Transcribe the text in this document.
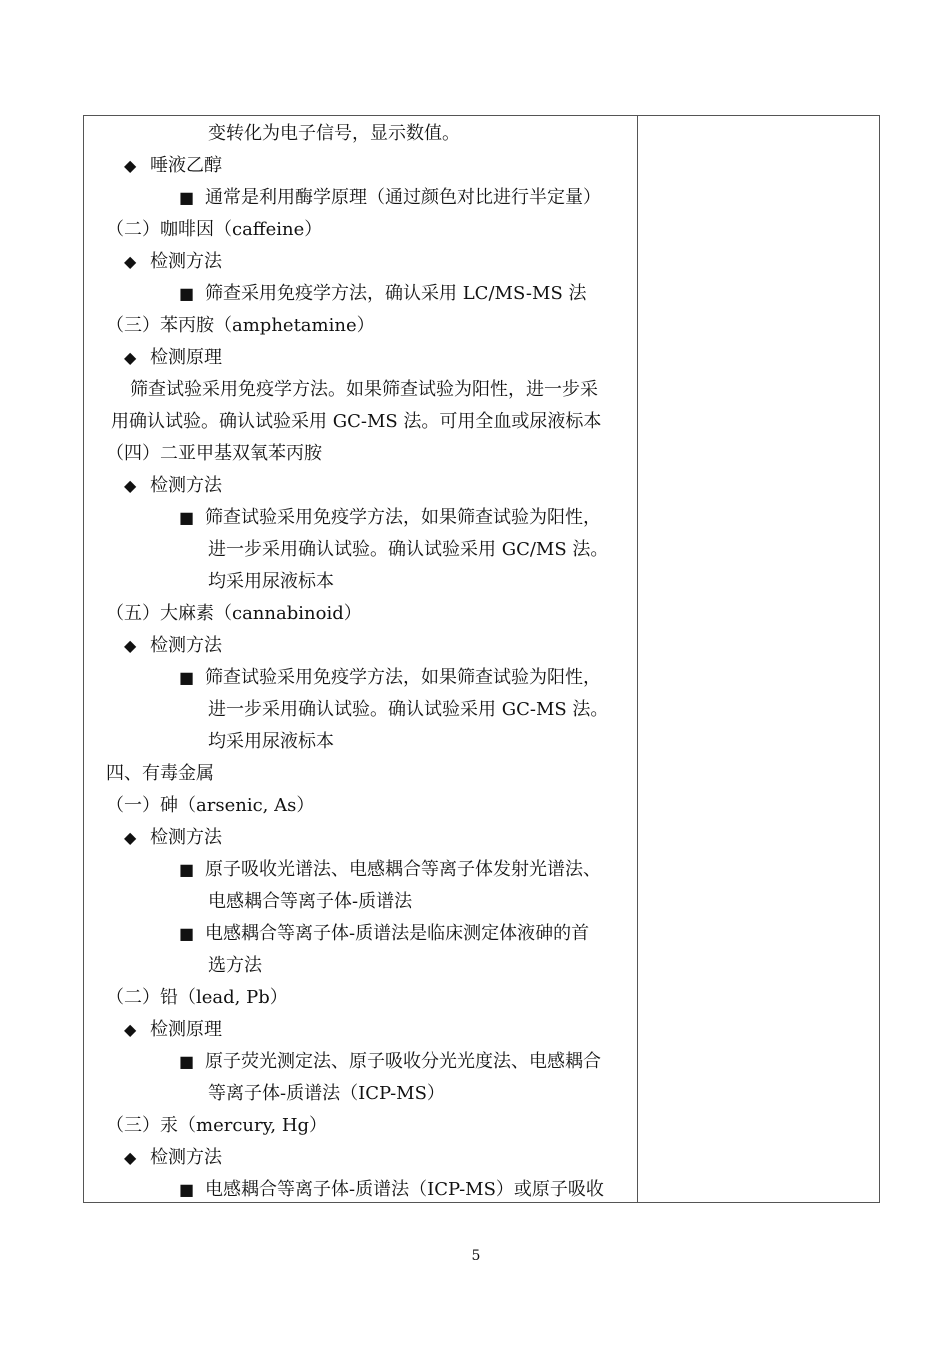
变转化为电子信号，显示数值。
◆ 唾液乙醇
■ 通常是利用酶学原理（通过颜色对比进行半定量）
（二）咖啡因（caffeine）
◆ 检测方法
■ 筛查采用免疫学方法，确认采用 LC/MS-MS 法
（三）苯丙胺（amphetamine）
◆ 检测原理
筛查试验采用免疫学方法。如果筛查试验为阳性，进一步采
用确认试验。确认试验采用 GC-MS 法。可用全血或尿液标本
（四）二亚甲基双氧苯丙胺
◆ 检测方法
■ 筛查试验采用免疫学方法，如果筛查试验为阳性，
进一步采用确认试验。确认试验采用 GC/MS 法。
均采用尿液标本
（五）大麻素（cannabinoid）
◆ 检测方法
■ 筛查试验采用免疫学方法，如果筛查试验为阳性，
进一步采用确认试验。确认试验采用 GC-MS 法。
均采用尿液标本
四、有毒金属
（一）砷（arsenic, As）
◆ 检测方法
■ 原子吸收光谱法、电感耦合等离子体发射光谱法、
电感耦合等离子体-质谱法
■ 电感耦合等离子体-质谱法是临床测定体液砷的首
选方法
（二）铅（lead, Pb）
◆ 检测原理
■ 原子荧光测定法、原子吸收分光光度法、电感耦合
等离子体-质谱法（ICP-MS）
（三）汞（mercury, Hg）
◆ 检测方法
■ 电感耦合等离子体-质谱法（ICP-MS）或原子吸收
5
